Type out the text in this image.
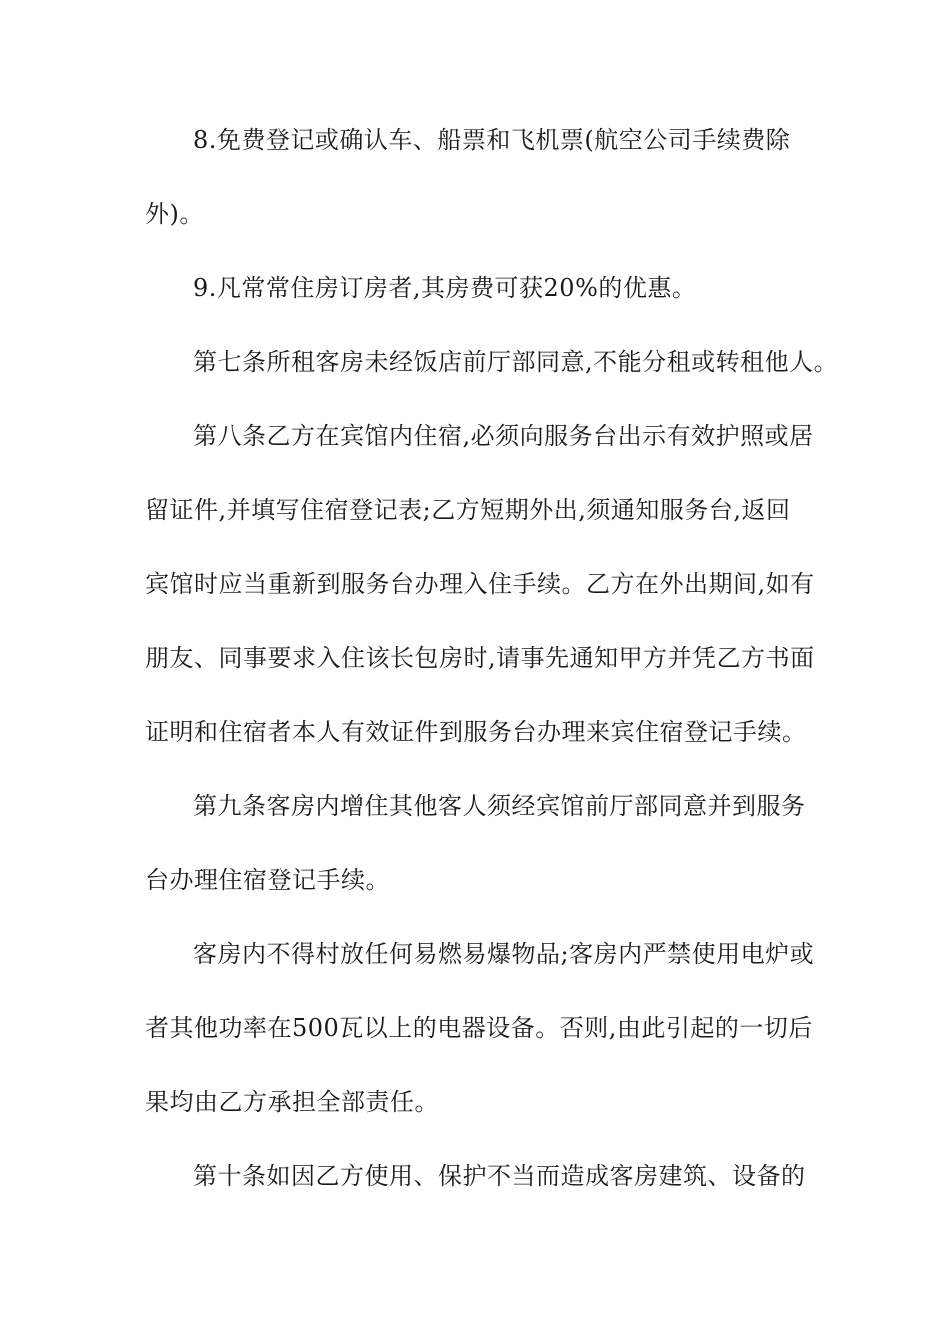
8.免费登记或确认车、船票和飞机票(航空公司手续费除
外)。
9.凡常常住房订房者,其房费可获20%的优惠。
第七条所租客房未经饭店前厅部同意,不能分租或转租他人。
第八条乙方在宾馆内住宿,必须向服务台出示有效护照或居
留证件,并填写住宿登记表;乙方短期外出,须通知服务台,返回
宾馆时应当重新到服务台办理入住手续。乙方在外出期间,如有
朋友、同事要求入住该长包房时,请事先通知甲方并凭乙方书面
证明和住宿者本人有效证件到服务台办理来宾住宿登记手续。
第九条客房内增住其他客人须经宾馆前厅部同意并到服务
台办理住宿登记手续。
客房内不得村放任何易燃易爆物品;客房内严禁使用电炉或
者其他功率在500瓦以上的电器设备。否则,由此引起的一切后
果均由乙方承担全部责任。
第十条如因乙方使用、保护不当而造成客房建筑、设备的
